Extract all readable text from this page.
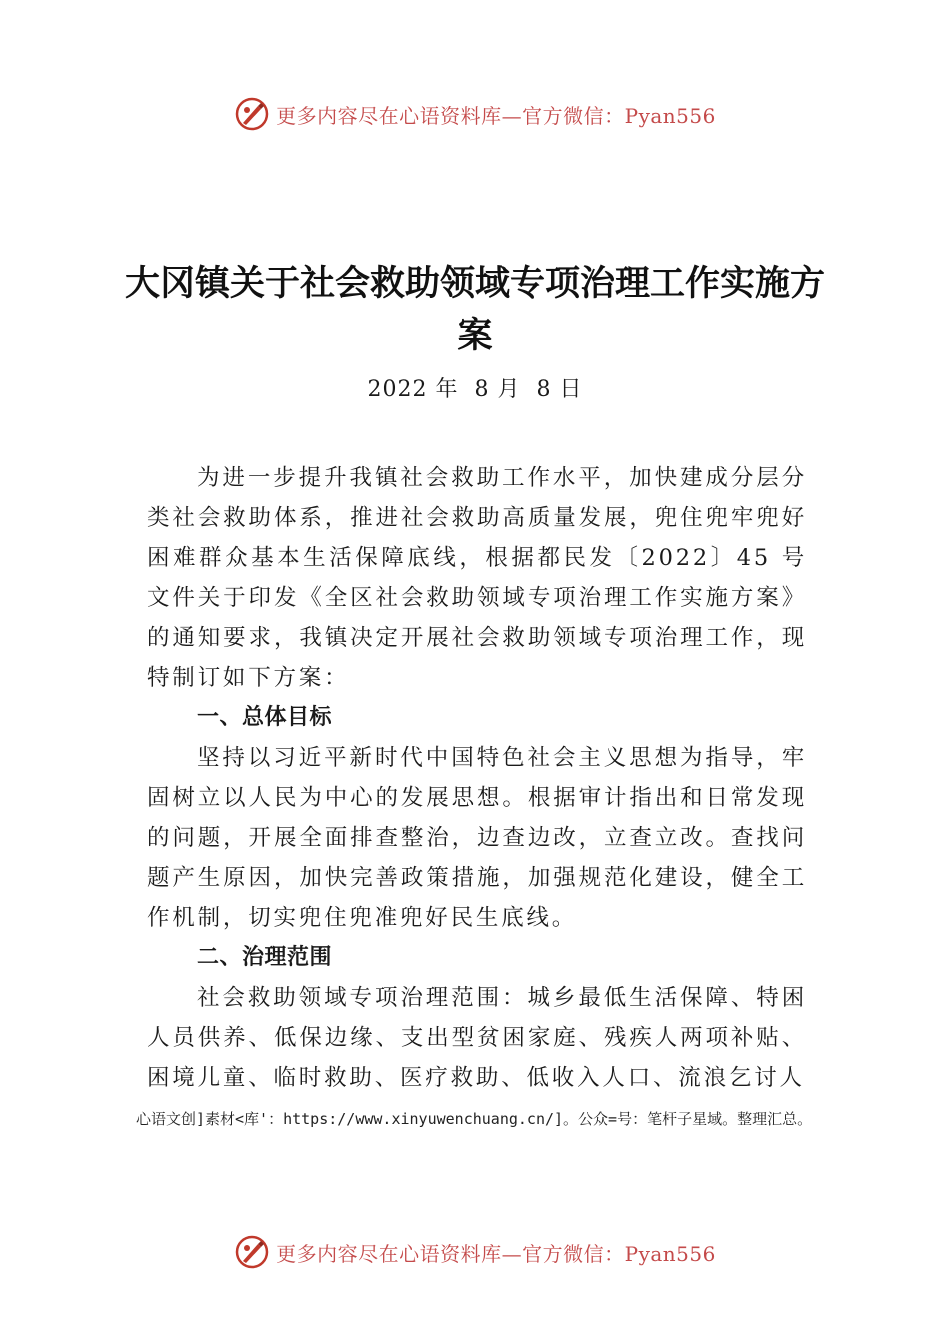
更多内容尽在心语资料库—官方微信：Pyan556
大冈镇关于社会救助领域专项治理工作实施方案
2022 年  8 月  8 日

为进一步提升我镇社会救助工作水平，加快建成分层分类社会救助体系，推进社会救助高质量发展，兜住兜牢兜好困难群众基本生活保障底线，根据都民发〔2022〕45 号文件关于印发《全区社会救助领域专项治理工作实施方案》的通知要求，我镇决定开展社会救助领域专项治理工作，现特制订如下方案：

一、总体目标

坚持以习近平新时代中国特色社会主义思想为指导，牢固树立以人民为中心的发展思想。根据审计指出和日常发现的问题，开展全面排查整治，边查边改，立查立改。查找问题产生原因，加快完善政策措施，加强规范化建设，健全工作机制，切实兜住兜准兜好民生底线。

二、治理范围

社会救助领域专项治理范围：城乡最低生活保障、特困人员供养、低保边缘、支出型贫困家庭、残疾人两项补贴、 困境儿童、临时救助、医疗救助、低收入人口、流浪乞讨人

心语文创]素材<库'：https://www.xinyuwenchuang.cn/]。公众=号：笔杆子星域。整理汇总。

更多内容尽在心语资料库—官方微信：Pyan556
